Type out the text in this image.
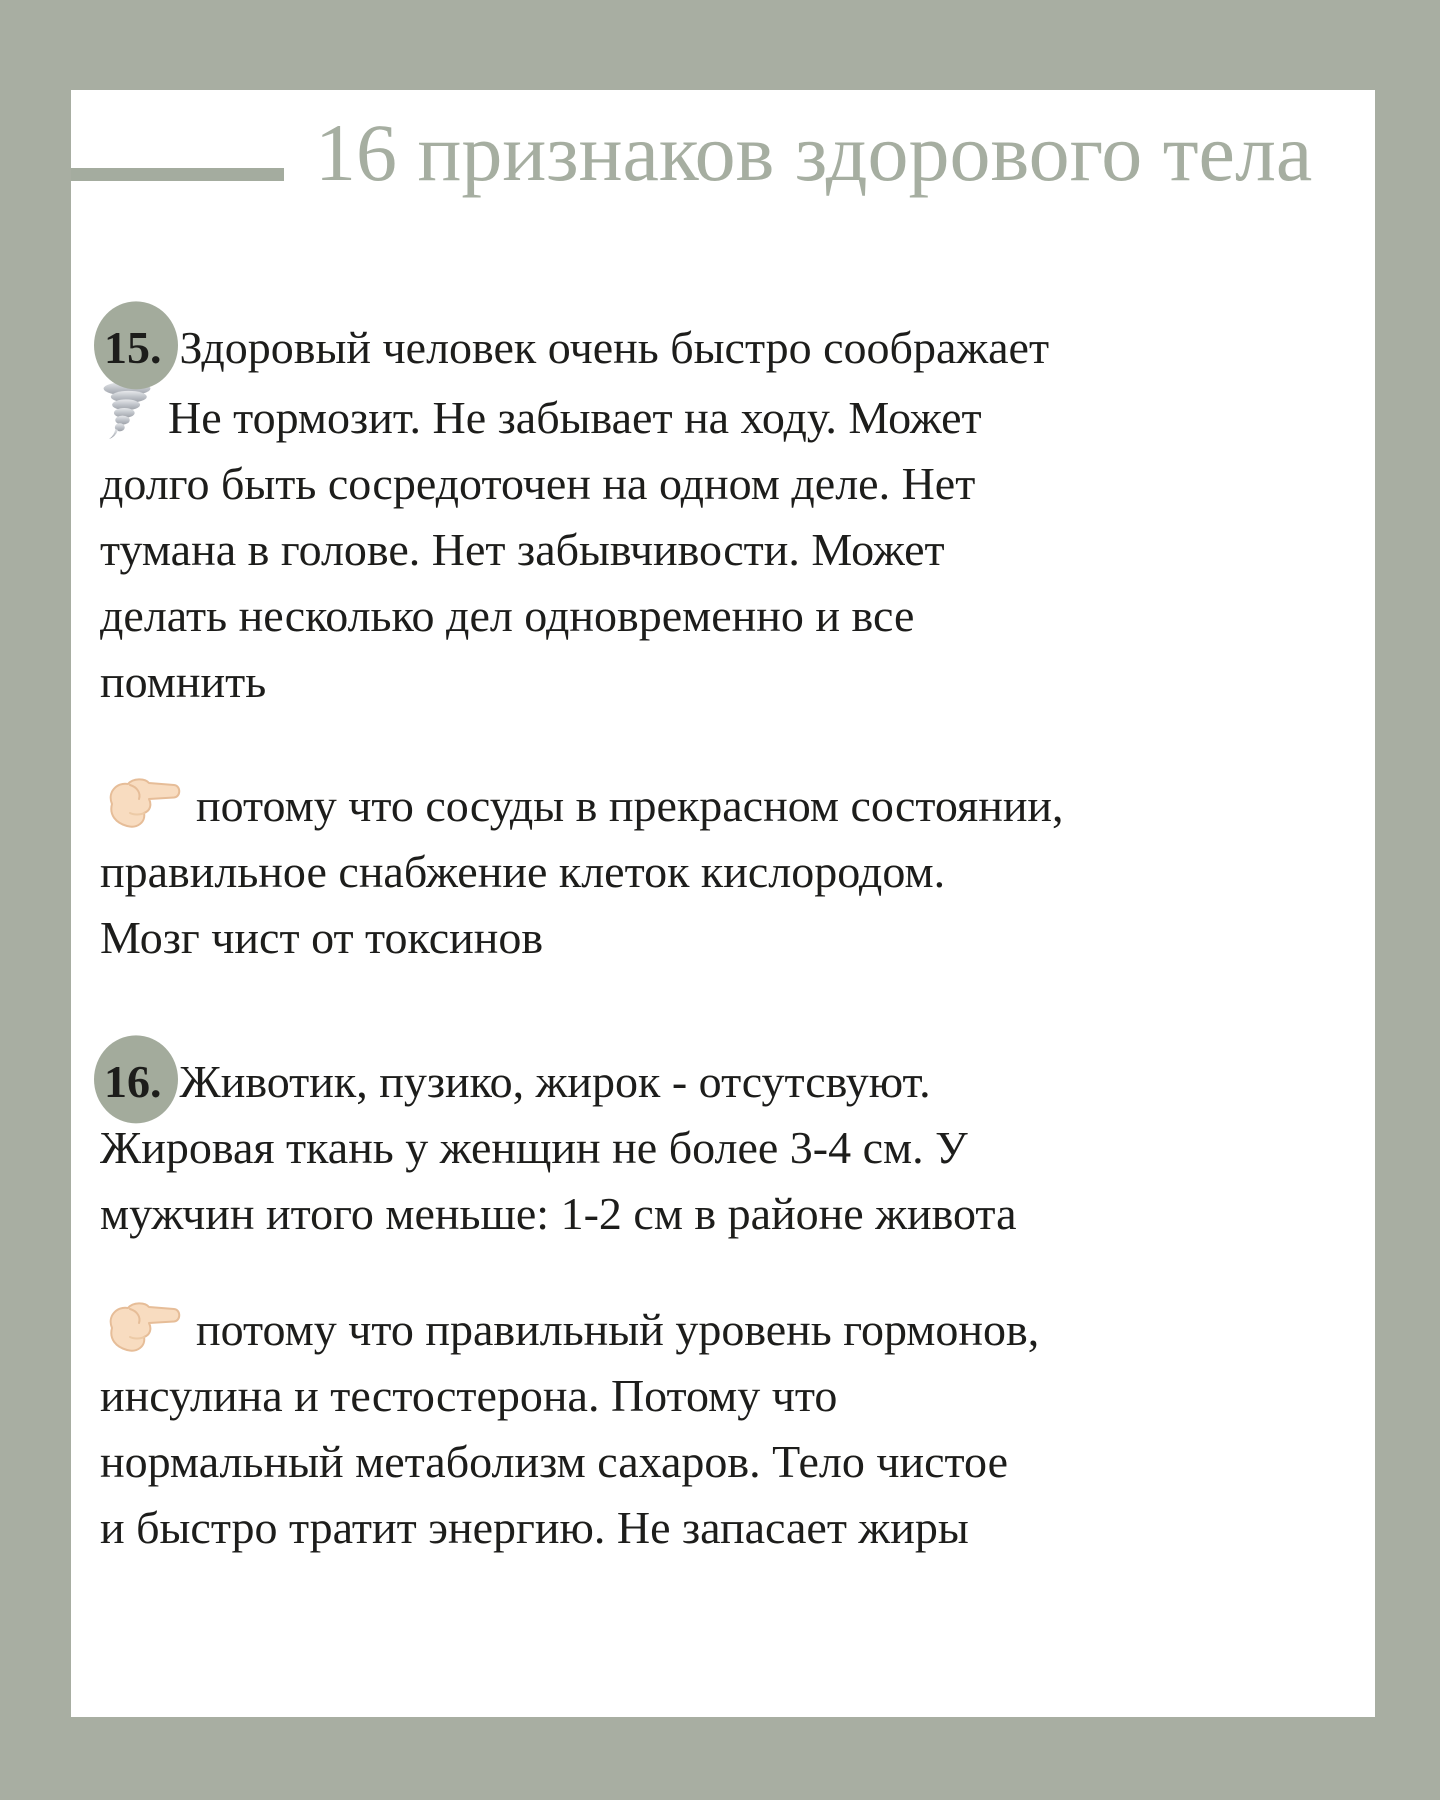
16 признаков здорового тела
15. Здоровый человек очень быстро соображает
Не тормозит. Не забывает на ходу. Может
долго быть сосредоточен на одном деле. Нет
тумана в голове. Нет забывчивости. Может
делать несколько дел одновременно и все
помнить
потому что сосуды в прекрасном состоянии,
правильное снабжение клеток кислородом.
Мозг чист от токсинов
16. Животик, пузико, жирок - отсутсвуют.
Жировая ткань у женщин не более 3-4 см. У
мужчин итого меньше: 1-2 см в районе живота
потому что правильный уровень гормонов,
инсулина и тестостерона. Потому что
нормальный метаболизм сахаров. Тело чистое
и быстро тратит энергию. Не запасает жиры
